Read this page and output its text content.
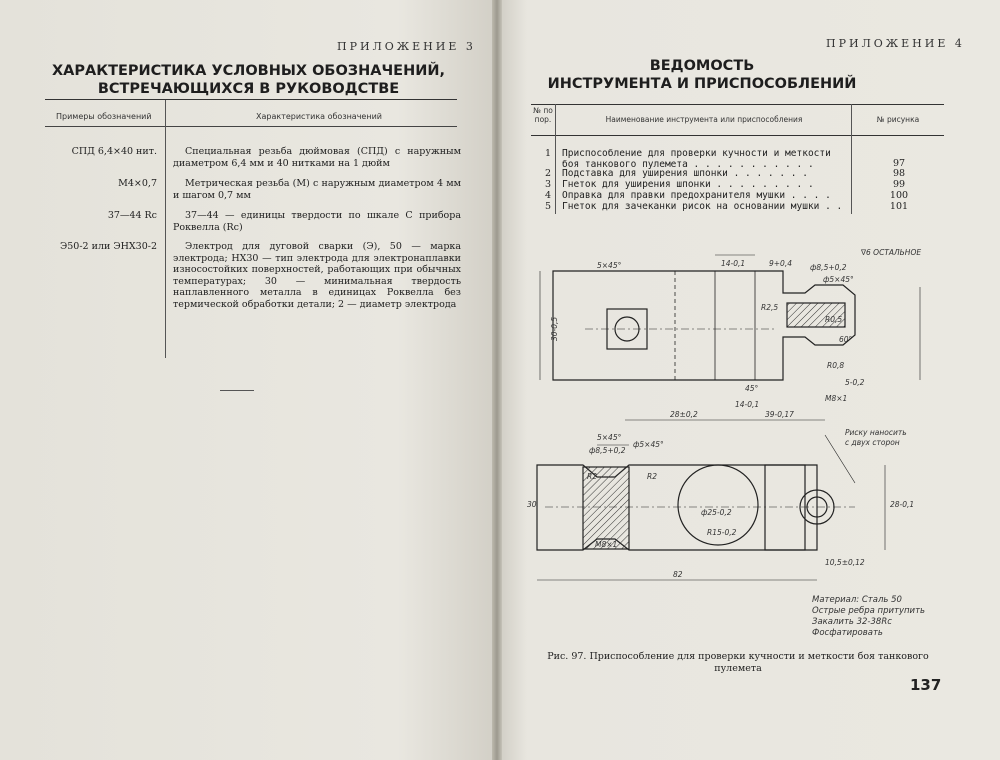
ПРИЛОЖЕНИЕ 3
ХАРАКТЕРИСТИКА УСЛОВНЫХ ОБОЗНАЧЕНИЙ,
ВСТРЕЧАЮЩИХСЯ В РУКОВОДСТВЕ
Примеры обозначений	Характеристика обозначений
СПД 6,4×40 нит.	Специальная резьба дюймовая (СПД) с наружным диаметром 6,4 мм и 40 нитками на 1 дюйм
М4×0,7	Метрическая резьба (М) с наружным диаметром 4 мм и шагом 0,7 мм
37—44 Rc	37—44 — единицы твердости по шкале С прибора Роквелла (Rc)
Э50-2 или ЭНХ30-2	Электрод для дуговой сварки (Э), 50 — марка электрода; НХ30 — тип электрода для электронаплавки износостойких поверхностей, работающих при обычных температурах; 30 — минимальная твердость наплавленного металла в единицах Роквелла без термической обработки детали; 2 — диаметр электрода
ПРИЛОЖЕНИЕ 4
ВЕДОМОСТЬ
ИНСТРУМЕНТА И ПРИСПОСОБЛЕНИЙ
№ по пор.	Наименование инструмента или приспособления	№ рисунка
1 Приспособление для проверки кучности и меткости боя танкового пулемета . . . . . . . . . . .	97
2 Подставка для уширения шпонки . . . . . . .	98
3 Гнеток для уширения шпонки . . . . . . . . .	99
4 Оправка для правки предохранителя мушки . . . .	100
5 Гнеток для зачеканки рисок на основании мушки . .	101
∇6 ОСТАЛЬНОЕ
5×45°	14-0,1	9+0,4 ф8,5+0,2
ф5×45°
R2,5
R0,5
30-0,5	60°
R0,8
45°
14-0,1
5-0,2
М8×1
28±0,2	39-0,17
5×45°
ф8,5+0,2
ф5×45°
R2	R2
ф25-0,2
R15-0,2
М8×1
10,5±0,12
82
28-0,1
30
Риску наносить
с двух сторон
Материал: Сталь 50
Острые ребра притупить
Закалить 32-38Rc
Фосфатировать
Рис. 97. Приспособление для проверки кучности и меткости боя танкового
пулемета
137
